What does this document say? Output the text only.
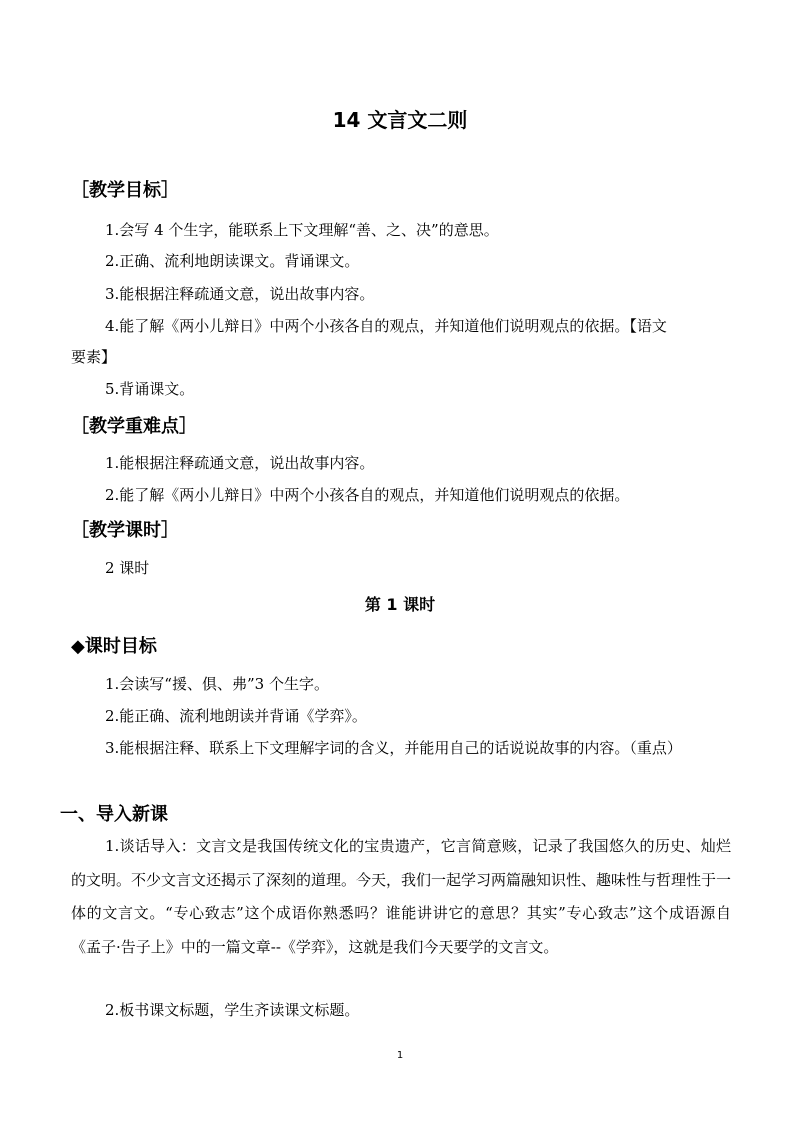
14 文言文二则
［教学目标］
1.会写 4 个生字，能联系上下文理解“善、之、决”的意思。
2.正确、流利地朗读课文。背诵课文。
3.能根据注释疏通文意，说出故事内容。
4.能了解《两小儿辩日》中两个小孩各自的观点，并知道他们说明观点的依据。【语文
要素】
5.背诵课文。
［教学重难点］
1.能根据注释疏通文意，说出故事内容。
2.能了解《两小儿辩日》中两个小孩各自的观点，并知道他们说明观点的依据。
［教学课时］
2 课时
第 1 课时
◆课时目标
1.会读写“援、俱、弗”3 个生字。
2.能正确、流利地朗读并背诵《学弈》。
3.能根据注释、联系上下文理解字词的含义，并能用自己的话说说故事的内容。（重点）
一、导入新课
1.谈话导入：文言文是我国传统文化的宝贵遗产，它言简意赅，记录了我国悠久的历史、灿烂的文明。不少文言文还揭示了深刻的道理。今天，我们一起学习两篇融知识性、趣味性与哲理性于一体的文言文。“专心致志”这个成语你熟悉吗？谁能讲讲它的意思？其实”专心致志”这个成语源自《孟子·告子上》中的一篇文章--《学弈》，这就是我们今天要学的文言文。
2.板书课文标题，学生齐读课文标题。
1
